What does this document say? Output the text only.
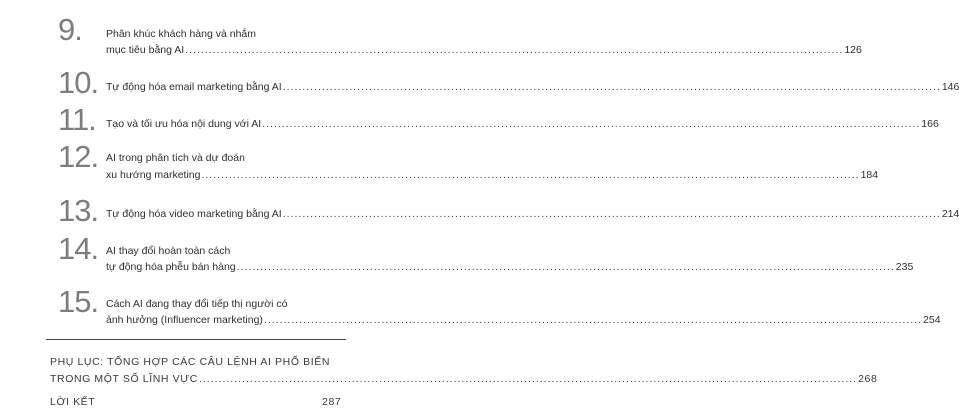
9.	Phân khúc khách hàng và nhắm
mục tiêu bằng AI .....	126
10. Tự động hóa email marketing bằng AI .....	146
11. Tạo và tối ưu hóa nội dung với AI .....	166
12. AI trong phân tích và dự đoán
xu hướng marketing .....	184
13. Tự động hóa video marketing bằng AI .....	214
14. AI thay đổi hoàn toàn cách
tự động hóa phễu bán hàng .....	235
15. Cách AI đang thay đổi tiếp thị người có
ảnh hưởng (Influencer marketing) .....	254
PHỤ LỤC: TỔNG HỢP CÁC CÂU LỆNH AI PHỔ BIẾN
TRONG MỘT SỐ LĨNH VỰC .....	268
LỜI KẾT	287
